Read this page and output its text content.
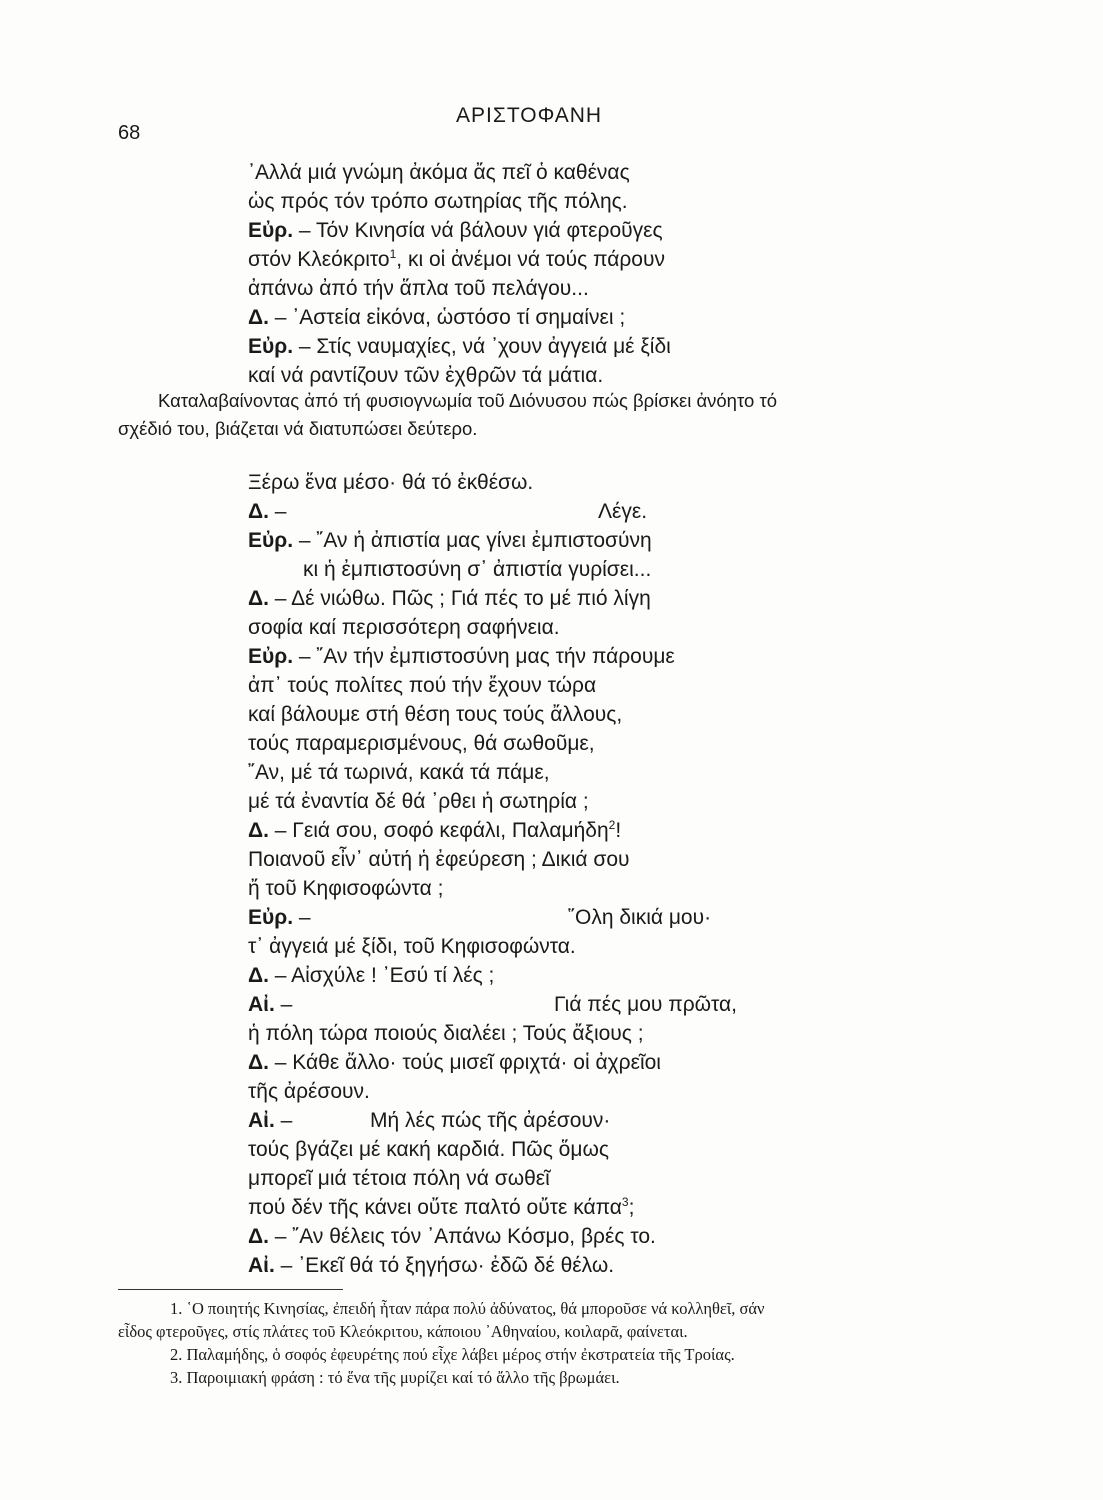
68
ΑΡΙΣΤΟΦΑΝΗ
᾿Αλλά μιά γνώμη ἀκόμα ἄς πεῖ ὁ καθένας
ὡς πρός τόν τρόπο σωτηρίας τῆς πόλης.
Εὐρ. – Τόν Κινησία νά βάλουν γιά φτεροῦγες
στόν Κλεόκριτο$^1$, κι οἱ ἀνέμοι νά τούς πάρουν
ἀπάνω ἀπό τήν ἅπλα τοῦ πελάγου...
Δ. – ᾿Αστεία εἰκόνα, ὡστόσο τί σημαίνει ;
Εὐρ. – Στίς ναυμαχίες, νά ᾽χουν ἀγγειά μέ ξίδι
καί νά ραντίζουν τῶν ἐχθρῶν τά μάτια.
Καταλαβαίνοντας ἀπό τή φυσιογνωμία τοῦ Διόνυσου πώς βρίσκει ἀνόητο τό
σχέδιό του, βιάζεται νά διατυπώσει δεύτερο.
Ξέρω ἕνα μέσο· θά τό ἐκθέσω.
Δ. –	Λέγε.
Εὐρ. – ῎Αν ἡ ἀπιστία μας γίνει ἐμπιστοσύνη
κι ἡ ἐμπιστοσύνη σ᾽ ἀπιστία γυρίσει...
Δ. – Δέ νιώθω. Πῶς ; Γιά πές το μέ πιό λίγη
σοφία καί περισσότερη σαφήνεια.
Εὐρ. – ῎Αν τήν ἐμπιστοσύνη μας τήν πάρουμε
ἀπ᾽ τούς πολίτες πού τήν ἔχουν τώρα
καί βάλουμε στή θέση τους τούς ἄλλους,
τούς παραμερισμένους, θά σωθοῦμε,
῎Αν, μέ τά τωρινά, κακά τά πάμε,
μέ τά ἐναντία δέ θά ᾽ρθει ἡ σωτηρία ;
Δ. – Γειά σου, σοφό κεφάλι, Παλαμήδη$^2$!
Ποιανοῦ εἶν᾽ αὐτή ἡ ἐφεύρεση ; Δικιά σου
ἤ τοῦ Κηφισοφώντα ;
Εὐρ. –	῞Ολη δικιά μου·
τ᾽ ἀγγειά μέ ξίδι, τοῦ Κηφισοφώντα.
Δ. – Αἰσχύλε ! ᾽Εσύ τί λές ;
Αἰ. –	Γιά πές μου πρῶτα,
ἡ πόλη τώρα ποιούς διαλέει ; Τούς ἄξιους ;
Δ. – Κάθε ἄλλο· τούς μισεῖ φριχτά· οἱ ἀχρεῖοι
τῆς ἀρέσουν.
Αἰ. –	Μή λές πώς τῆς ἀρέσουν·
τούς βγάζει μέ κακή καρδιά. Πῶς ὅμως
μπορεῖ μιά τέτοια πόλη νά σωθεῖ
πού δέν τῆς κάνει οὔτε παλτό οὔτε κάπα$^3$;
Δ. – ῎Αν θέλεις τόν ᾽Απάνω Κόσμο, βρές το.
Αἰ. – ᾽Εκεῖ θά τό ξηγήσω· ἐδῶ δέ θέλω.
1. ῾Ο ποιητής Κινησίας, ἐπειδή ἦταν πάρα πολύ ἀδύνατος, θά μποροῦσε νά κολληθεῖ, σάν
εἶδος φτεροῦγες, στίς πλάτες τοῦ Κλεόκριτου, κάποιου ᾽Αθηναίου, κοιλαρᾶ, φαίνεται.
2. Παλαμήδης, ὁ σοφός ἐφευρέτης πού εἶχε λάβει μέρος στήν ἐκστρατεία τῆς Τροίας.
3. Παροιμιακή φράση : τό ἕνα τῆς μυρίζει καί τό ἄλλο τῆς βρωμάει.
